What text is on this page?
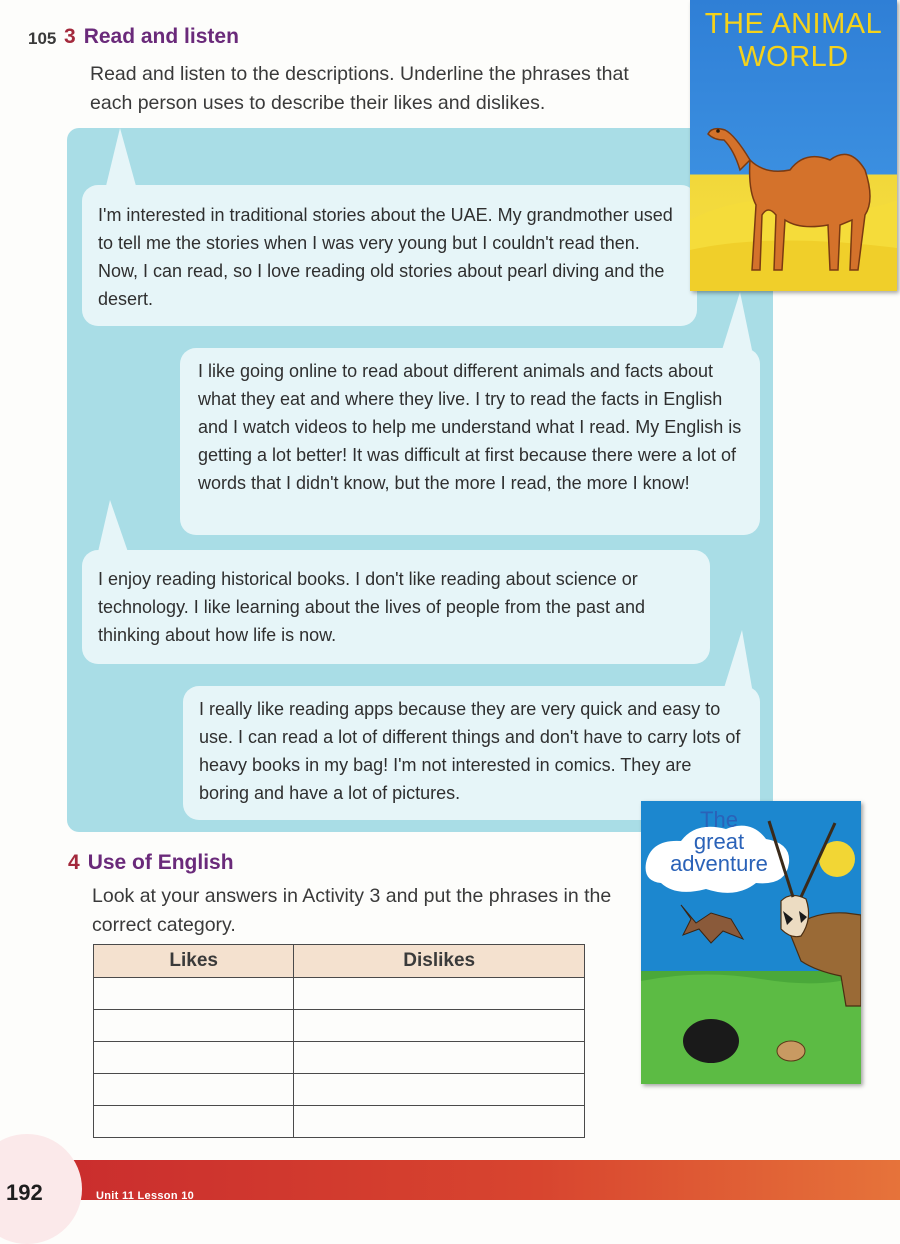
105 3 Read and listen
Read and listen to the descriptions. Underline the phrases that each person uses to describe their likes and dislikes.
I'm interested in traditional stories about the UAE. My grandmother used to tell me the stories when I was very young but I couldn't read then. Now, I can read, so I love reading old stories about pearl diving and the desert.
I like going online to read about different animals and facts about what they eat and where they live. I try to read the facts in English and I watch videos to help me understand what I read. My English is getting a lot better! It was difficult at first because there were a lot of words that I didn't know, but the more I read, the more I know!
I enjoy reading historical books. I don't like reading about science or technology. I like learning about the lives of people from the past and thinking about how life is now.
I really like reading apps because they are very quick and easy to use. I can read a lot of different things and don't have to carry lots of heavy books in my bag! I'm not interested in comics. They are boring and have a lot of pictures.
THE ANIMAL
WORLD
4 Use of English
Look at your answers in Activity 3 and put the phrases in the correct category.
Likes	Dislikes

The
great
adventure
192	Unit 11 Lesson 10
